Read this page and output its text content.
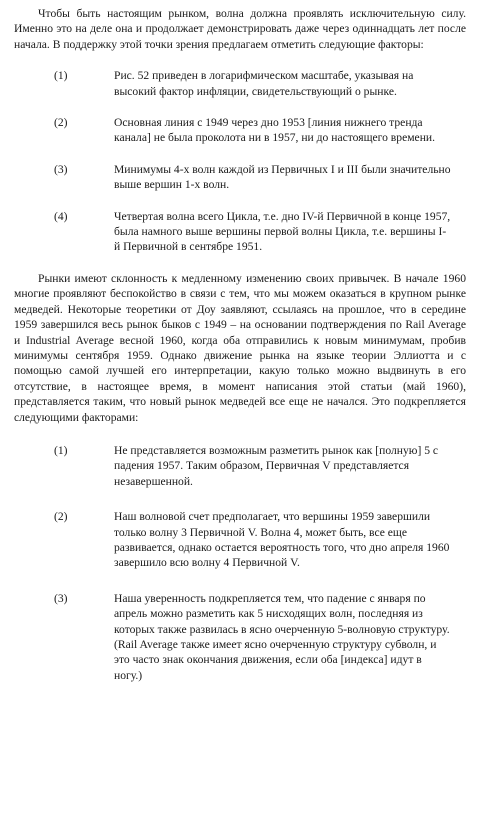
Чтобы быть настоящим рынком, волна должна проявлять исключительную силу. Именно это на деле она и продолжает демонстрировать даже через одиннадцать лет после начала. В поддержку этой точки зрения предлагаем отметить следующие факторы:

(1)	Рис. 52 приведен в логарифмическом масштабе, указывая на высокий фактор инфляции, свидетельствующий о рынке.
(2)	Основная линия с 1949 через дно 1953 [линия нижнего тренда канала] не была проколота ни в 1957, ни до настоящего времени.
(3)	Минимумы 4-х волн каждой из Первичных I и III были значительно выше вершин 1-х волн.
(4)	Четвертая волна всего Цикла, т.е. дно IV-й Первичной в конце 1957, была намного выше вершины первой волны Цикла, т.е. вершины I-й Первичной в сентябре 1951.

Рынки имеют склонность к медленному изменению своих привычек. В начале 1960 многие проявляют беспокойство в связи с тем, что мы можем оказаться в крупном рынке медведей. Некоторые теоретики от Доу заявляют, ссылаясь на прошлое, что в середине 1959 завершился весь рынок быков с 1949 – на основании подтверждения по Rail Average и Industrial Average весной 1960, когда оба отправились к новым минимумам, пробив минимумы сентября 1959. Однако движение рынка на языке теории Эллиотта и с помощью самой лучшей его интерпретации, какую только можно выдвинуть в его отсутствие, в настоящее время, в момент написания этой статьи (май 1960), представляется таким, что новый рынок медведей все еще не начался. Это подкрепляется следующими факторами:

(1)	Не представляется возможным разметить рынок как [полную] 5 с падения 1957. Таким образом, Первичная V представляется незавершенной.
(2)	Наш волновой счет предполагает, что вершины 1959 завершили только волну 3 Первичной V. Волна 4, может быть, все еще развивается, однако остается вероятность того, что дно апреля 1960 завершило всю волну 4 Первичной V.
(3)	Наша уверенность подкрепляется тем, что падение с января по апрель можно разметить как 5 нисходящих волн, последняя из которых также развилась в ясно очерченную 5-волновую структуру. (Rail Average также имеет ясно очерченную структуру субволн, и это часто знак окончания движения, если оба [индекса] идут в ногу.)
